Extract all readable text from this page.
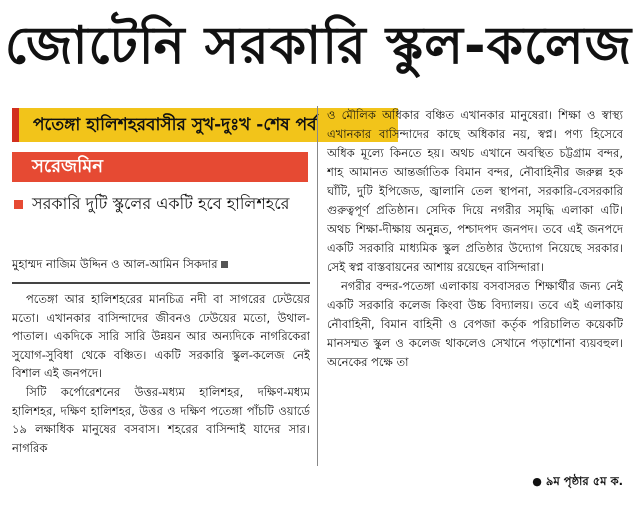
জোটেনি সরকারি স্কুল-কলেজ
পতেঙ্গা হালিশহরবাসীর সুখ-দুঃখ -শেষ পর্ব
সরেজমিন
সরকারি দুটি স্কুলের একটি হবে হালিশহরে
মুহাম্মদ নাজিম উদ্দিন ও আল-আমিন সিকদার

পতেঙ্গা আর হালিশহরের মানচিত্র নদী বা সাগরের ঢেউয়ের মতো। এখানকার বাসিন্দাদের জীবনও ঢেউয়ের মতো, উথাল-পাতাল। একদিকে সারি সারি উন্নয়ন আর অন্যদিকে নাগরিকেরা সুযোগ-সুবিধা থেকে বঞ্চিত। একটি সরকারি স্কুল-কলেজ নেই বিশাল এই জনপদে।

সিটি কর্পোরেশনের উত্তর-মধ্যম হালিশহর, দক্ষিণ-মধ্যম হালিশহর, দক্ষিণ হালিশহর, উত্তর ও দক্ষিণ পতেঙ্গা পাঁচটি ওয়ার্ডে ১৯ লক্ষাধিক মানুষের বসবাস। শহরের বাসিন্দাই যাদের সার। নাগরিক

ও মৌলিক অধিকার বঞ্চিত এখানকার মানুষেরা। শিক্ষা ও স্বাস্থ্য এখানকার বাসিন্দাদের কাছে অধিকার নয়, স্বপ্ন। পণ্য হিসেবে অধিক মূল্যে কিনতে হয়। অথচ এখানে অবস্থিত চট্টগ্রাম বন্দর, শাহ আমানত আন্তর্জাতিক বিমান বন্দর, নৌবাহিনীর জরুল্ল হক ঘাঁটি, দুটি ইপিজেড, জ্বালানি তেল স্থাপনা, সরকারি-বেসরকারি গুরুত্বপূর্ণ প্রতিষ্ঠান। সেদিক দিয়ে নগরীর সমৃদ্ধি এলাকা এটি। অথচ শিক্ষা-দীক্ষায় অনুন্নত, পশ্চাদপদ জনপদ। তবে এই জনপদে একটি সরকারি মাধ্যমিক স্কুল প্রতিষ্ঠার উদ্যোগ নিয়েছে সরকার। সেই স্বপ্ন বাস্তবায়নের আশায় রয়েছেন বাসিন্দারা।

নগরীর বন্দর-পতেঙ্গা এলাকায় বসবাসরত শিক্ষার্থীর জন্য নেই একটি সরকারি কলেজ কিংবা উচ্চ বিদ্যালয়। তবে এই এলাকায় নৌবাহিনী, বিমান বাহিনী ও বেপজা কর্তৃক পরিচালিত কয়েকটি মানসম্মত স্কুল ও কলেজ থাকলেও সেখানে পড়াশোনা ব্যয়বহুল। অনেকের পক্ষে তা

● ৯ম পৃষ্ঠার ৫ম ক.
